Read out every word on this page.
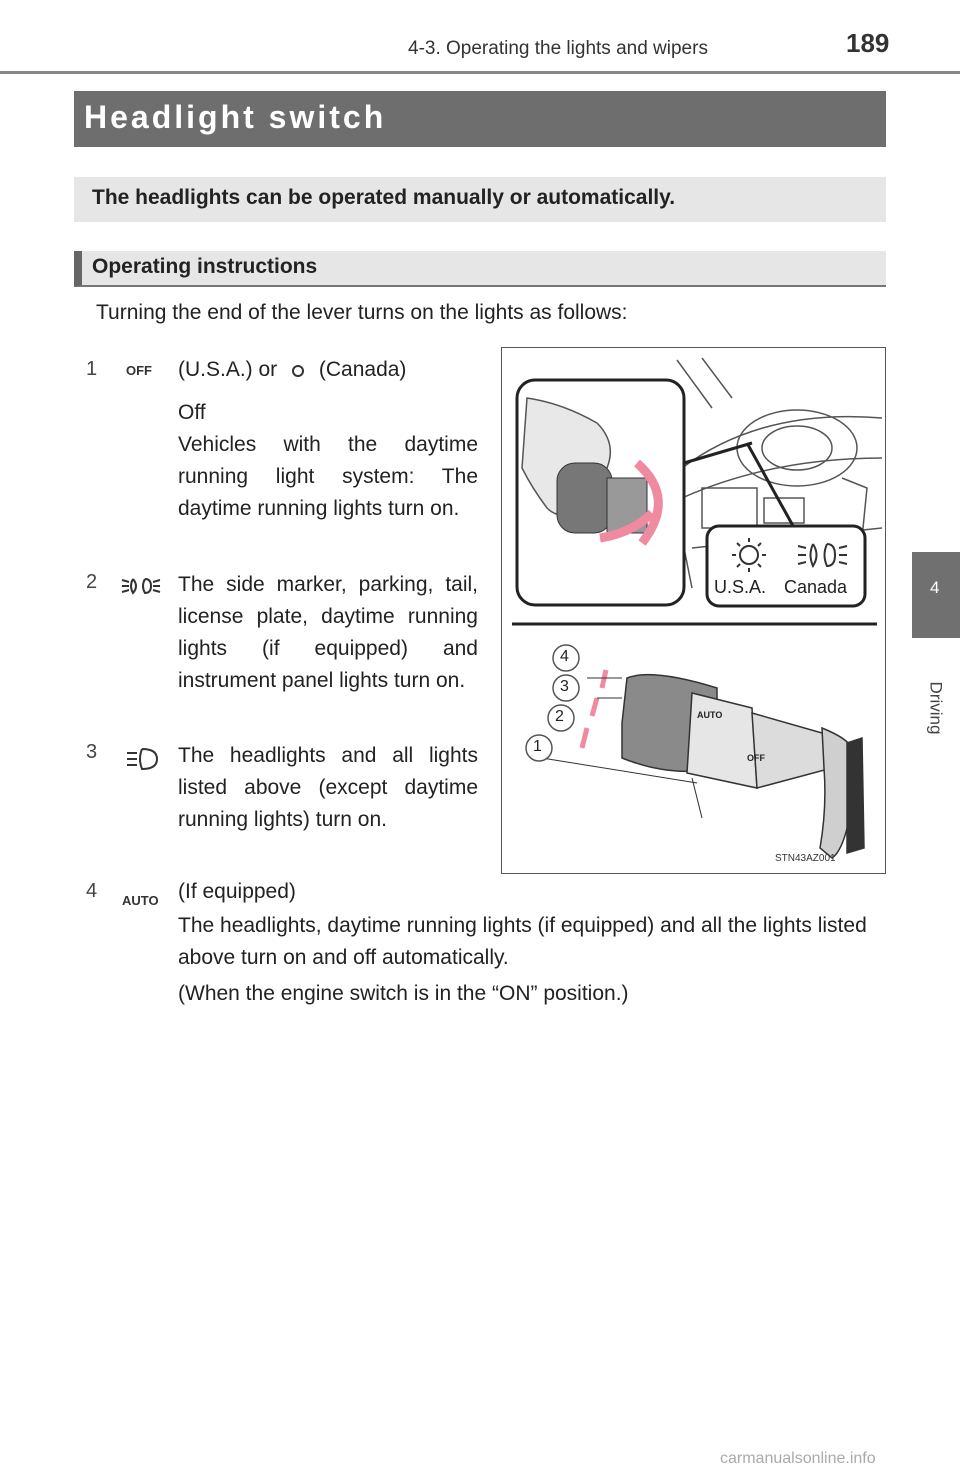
4-3. Operating the lights and wipers	189
Headlight switch
The headlights can be operated manually or automatically.
Operating instructions
Turning the end of the lever turns on the lights as follows:
1 OFF (U.S.A.) or (Canada)
Off
Vehicles with the daytime running light system: The daytime running lights turn on.
2	The side marker, parking, tail, license plate, daytime running lights (if equipped) and instrument panel lights turn on.
3	The headlights and all lights listed above (except daytime running lights) turn on.
4 AUTO (If equipped)
The headlights, daytime running lights (if equipped) and all the lights listed above turn on and off automatically.
(When the engine switch is in the “ON” position.)
U.S.A. Canada
4
3
2
1
AUTO
OFF
STN43AZ001
4
Driving
carmanualsonline.info
